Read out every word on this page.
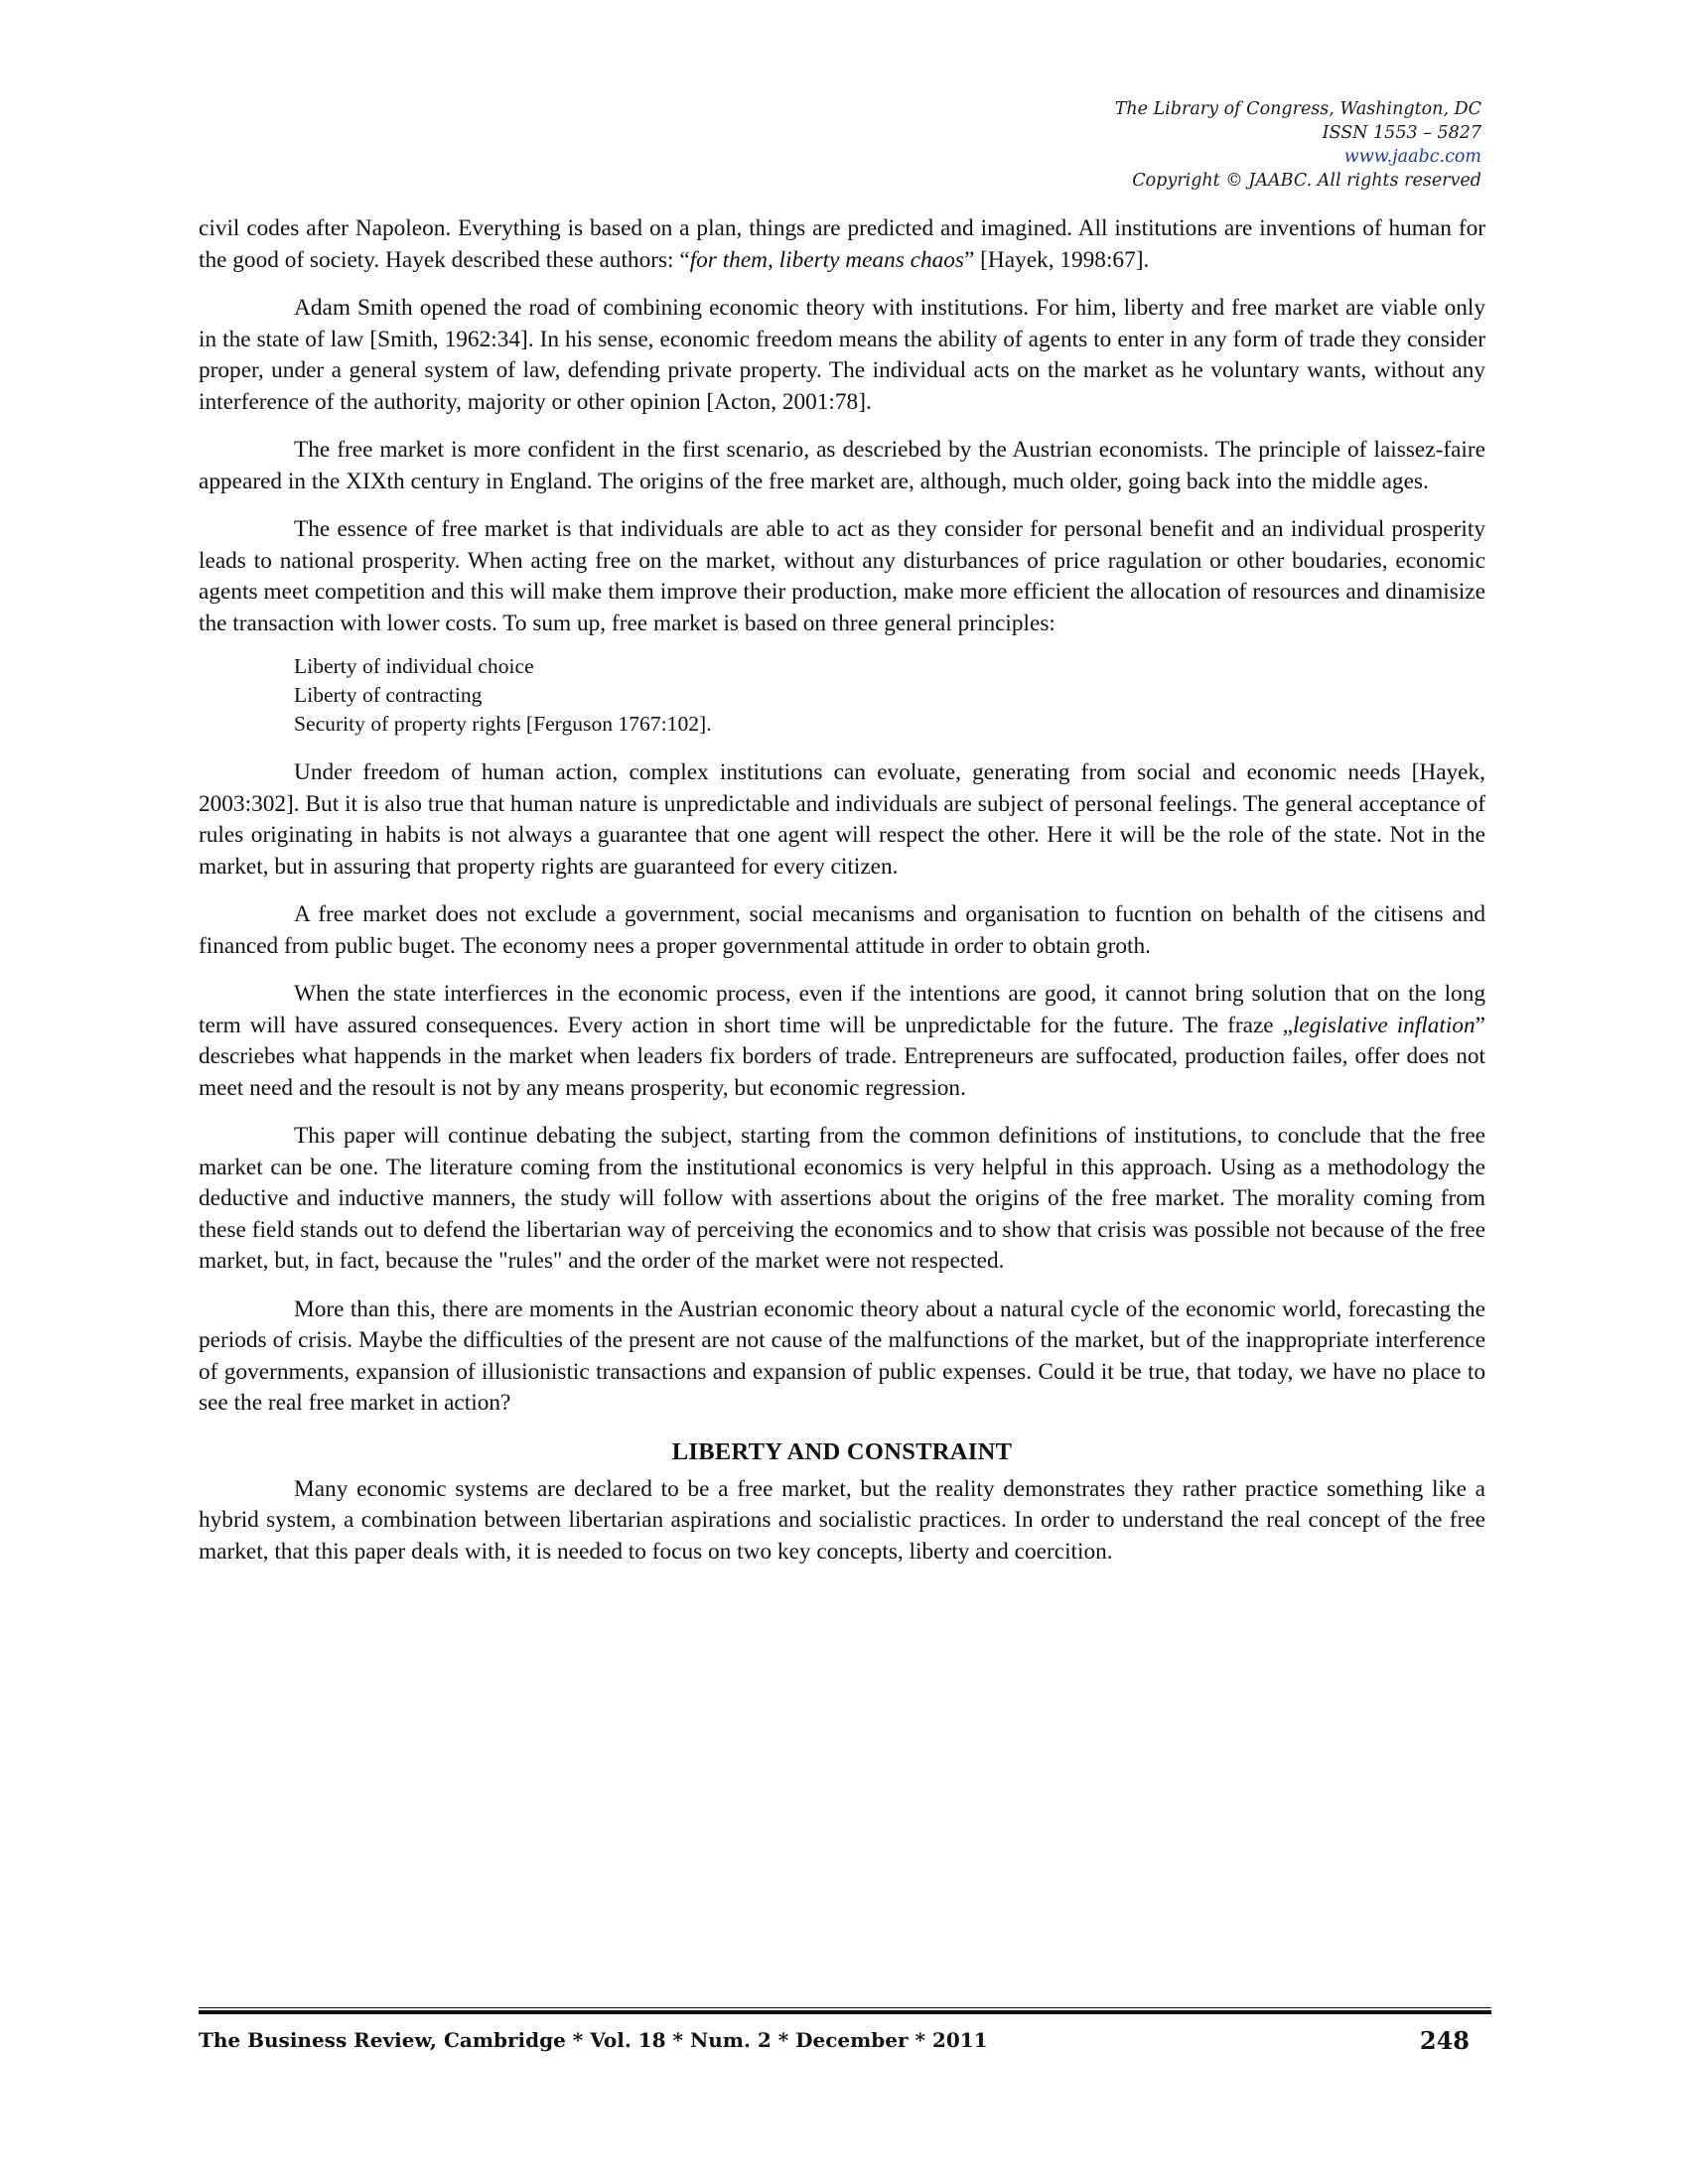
The Library of Congress, Washington, DC
ISSN 1553 – 5827
www.jaabc.com
Copyright © JAABC. All rights reserved

civil codes after Napoleon. Everything is based on a plan, things are predicted and imagined. All institutions are inventions of human for the good of society. Hayek described these authors: “for them, liberty means chaos” [Hayek, 1998:67].

Adam Smith opened the road of combining economic theory with institutions. For him, liberty and free market are viable only in the state of law [Smith, 1962:34]. In his sense, economic freedom means the ability of agents to enter in any form of trade they consider proper, under a general system of law, defending private property. The individual acts on the market as he voluntary wants, without any interference of the authority, majority or other opinion [Acton, 2001:78].

The free market is more confident in the first scenario, as descriebed by the Austrian economists. The principle of laissez-faire appeared in the XIXth century in England. The origins of the free market are, although, much older, going back into the middle ages.

The essence of free market is that individuals are able to act as they consider for personal benefit and an individual prosperity leads to national prosperity. When acting free on the market, without any disturbances of price ragulation or other boudaries, economic agents meet competition and this will make them improve their production, make more efficient the allocation of resources and dinamisize the transaction with lower costs. To sum up, free market is based on three general principles:

Liberty of individual choice
Liberty of contracting
Security of property rights [Ferguson 1767:102].

Under freedom of human action, complex institutions can evoluate, generating from social and economic needs [Hayek, 2003:302]. But it is also true that human nature is unpredictable and individuals are subject of personal feelings. The general acceptance of rules originating in habits is not always a guarantee that one agent will respect the other. Here it will be the role of the state. Not in the market, but in assuring that property rights are guaranteed for every citizen.

A free market does not exclude a government, social mecanisms and organisation to fucntion on behalth of the citisens and financed from public buget. The economy nees a proper governmental attitude in order to obtain groth.

When the state interfierces in the economic process, even if the intentions are good, it cannot bring solution that on the long term will have assured consequences. Every action in short time will be unpredictable for the future. The fraze „legislative inflation” descriebes what happends in the market when leaders fix borders of trade. Entrepreneurs are suffocated, production failes, offer does not meet need and the resoult is not by any means prosperity, but economic regression.

This paper will continue debating the subject, starting from the common definitions of institutions, to conclude that the free market can be one. The literature coming from the institutional economics is very helpful in this approach. Using as a methodology the deductive and inductive manners, the study will follow with assertions about the origins of the free market. The morality coming from these field stands out to defend the libertarian way of perceiving the economics and to show that crisis was possible not because of the free market, but, in fact, because the "rules" and the order of the market were not respected.

More than this, there are moments in the Austrian economic theory about a natural cycle of the economic world, forecasting the periods of crisis. Maybe the difficulties of the present are not cause of the malfunctions of the market, but of the inappropriate interference of governments, expansion of illusionistic transactions and expansion of public expenses. Could it be true, that today, we have no place to see the real free market in action?

LIBERTY AND CONSTRAINT

Many economic systems are declared to be a free market, but the reality demonstrates they rather practice something like a hybrid system, a combination between libertarian aspirations and socialistic practices. In order to understand the real concept of the free market, that this paper deals with, it is needed to focus on two key concepts, liberty and coercition.

The Business Review, Cambridge * Vol. 18 * Num. 2 * December * 2011	248
